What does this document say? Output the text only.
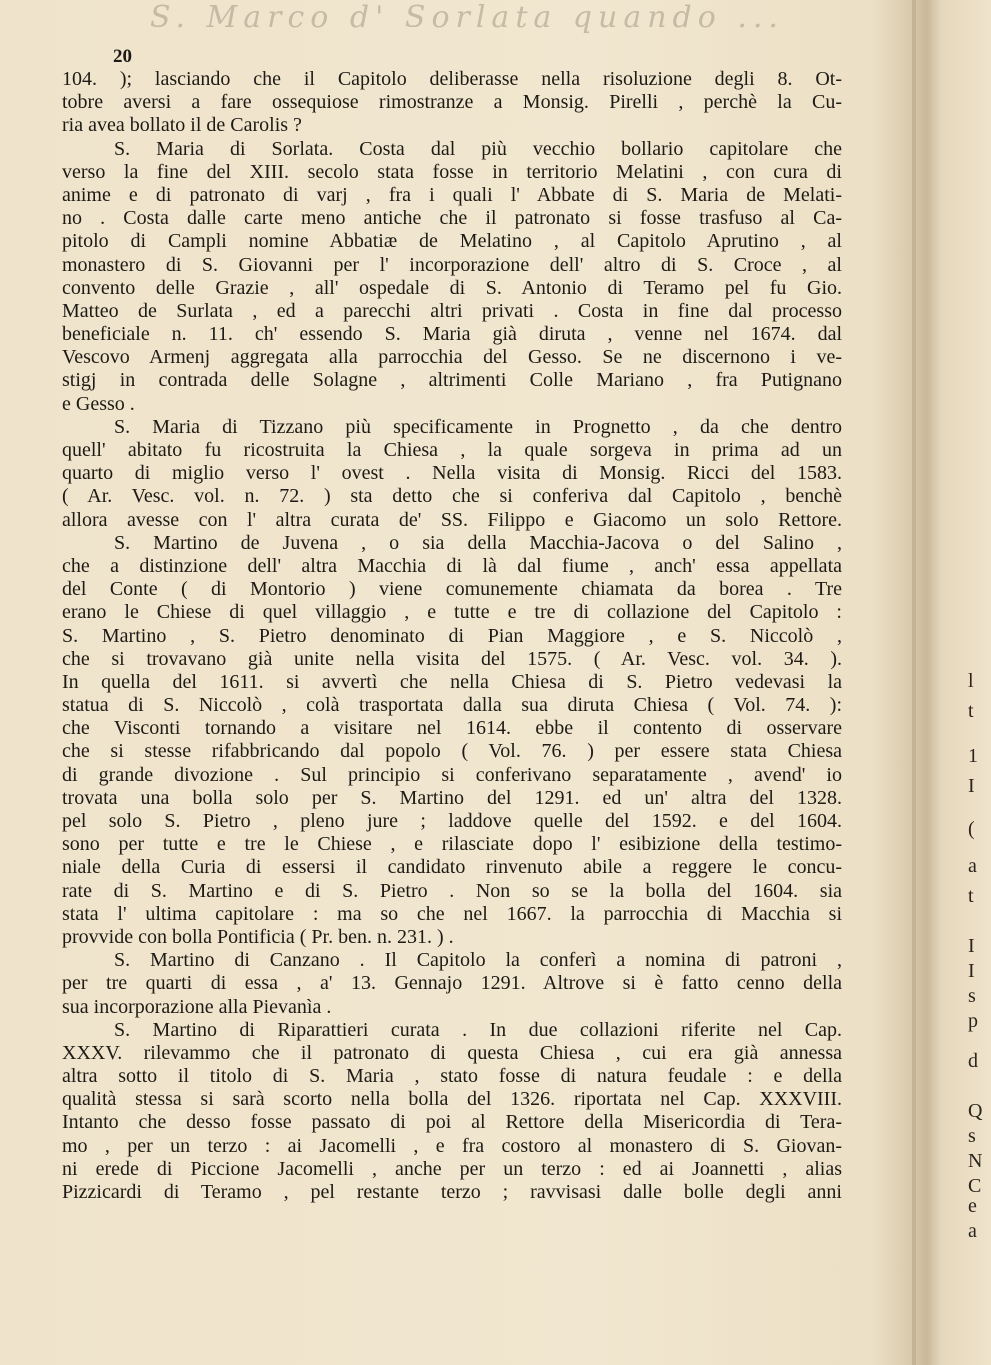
S. Marco d' Sorlata quando ...
20
104. ); lasciando che il Capitolo deliberasse nella risoluzione degli 8. Ot-
tobre aversi a fare ossequiose rimostranze a Monsig. Pirelli , perchè la Cu-
ria avea bollato il de Carolis ?
S. Maria di Sorlata. Costa dal più vecchio bollario capitolare che
verso la fine del XIII. secolo stata fosse in territorio Melatini , con cura di
anime e di patronato di varj , fra i quali l' Abbate di S. Maria de Melati-
no . Costa dalle carte meno antiche che il patronato si fosse trasfuso al Ca-
pitolo di Campli nomine Abbatiæ de Melatino , al Capitolo Aprutino , al
monastero di S. Giovanni per l' incorporazione dell' altro di S. Croce , al
convento delle Grazie , all' ospedale di S. Antonio di Teramo pel fu Gio.
Matteo de Surlata , ed a parecchi altri privati . Costa in fine dal processo
beneficiale n. 11. ch' essendo S. Maria già diruta , venne nel 1674. dal
Vescovo Armenj aggregata alla parrocchia del Gesso. Se ne discernono i ve-
stigj in contrada delle Solagne , altrimenti Colle Mariano , fra Putignano
e Gesso .
S. Maria di Tizzano più specificamente in Prognetto , da che dentro
quell' abitato fu ricostruita la Chiesa , la quale sorgeva in prima ad un
quarto di miglio verso l' ovest . Nella visita di Monsig. Ricci del 1583.
( Ar. Vesc. vol. n. 72. ) sta detto che si conferiva dal Capitolo , benchè
allora avesse con l' altra curata de' SS. Filippo e Giacomo un solo Rettore.
S. Martino de Juvena , o sia della Macchia-Jacova o del Salino ,
che a distinzione dell' altra Macchia di là dal fiume , anch' essa appellata
del Conte ( di Montorio ) viene comunemente chiamata da borea . Tre
erano le Chiese di quel villaggio , e tutte e tre di collazione del Capitolo :
S. Martino , S. Pietro denominato di Pian Maggiore , e S. Niccolò ,
che si trovavano già unite nella visita del 1575. ( Ar. Vesc. vol. 34. ).
In quella del 1611. si avvertì che nella Chiesa di S. Pietro vedevasi la
statua di S. Niccolò , colà trasportata dalla sua diruta Chiesa ( Vol. 74. ):
che Visconti tornando a visitare nel 1614. ebbe il contento di osservare
che si stesse rifabbricando dal popolo ( Vol. 76. ) per essere stata Chiesa
di grande divozione . Sul principio si conferivano separatamente , avend' io
trovata una bolla solo per S. Martino del 1291. ed un' altra del 1328.
pel solo S. Pietro , pleno jure ; laddove quelle del 1592. e del 1604.
sono per tutte e tre le Chiese , e rilasciate dopo l' esibizione della testimo-
niale della Curia di essersi il candidato rinvenuto abile a reggere le concu-
rate di S. Martino e di S. Pietro . Non so se la bolla del 1604. sia
stata l' ultima capitolare : ma so che nel 1667. la parrocchia di Macchia si
provvide con bolla Pontificia ( Pr. ben. n. 231. ) .
S. Martino di Canzano . Il Capitolo la conferì a nomina di patroni ,
per tre quarti di essa , a' 13. Gennajo 1291. Altrove si è fatto cenno della
sua incorporazione alla Pievanìa .
S. Martino di Riparattieri curata . In due collazioni riferite nel Cap.
XXXV. rilevammo che il patronato di questa Chiesa , cui era già annessa
altra sotto il titolo di S. Maria , stato fosse di natura feudale : e della
qualità stessa si sarà scorto nella bolla del 1326. riportata nel Cap. XXXVIII.
Intanto che desso fosse passato di poi al Rettore della Misericordia di Tera-
mo , per un terzo : ai Jacomelli , e fra costoro al monastero di S. Giovan-
ni erede di Piccione Jacomelli , anche per un terzo : ed ai Joannetti , alias
Pizzicardi di Teramo , pel restante terzo ; ravvisasi dalle bolle degli anni
l
t
1
I
(
a
t
I
I
s
p
d
Q
s
N
C
e
a
